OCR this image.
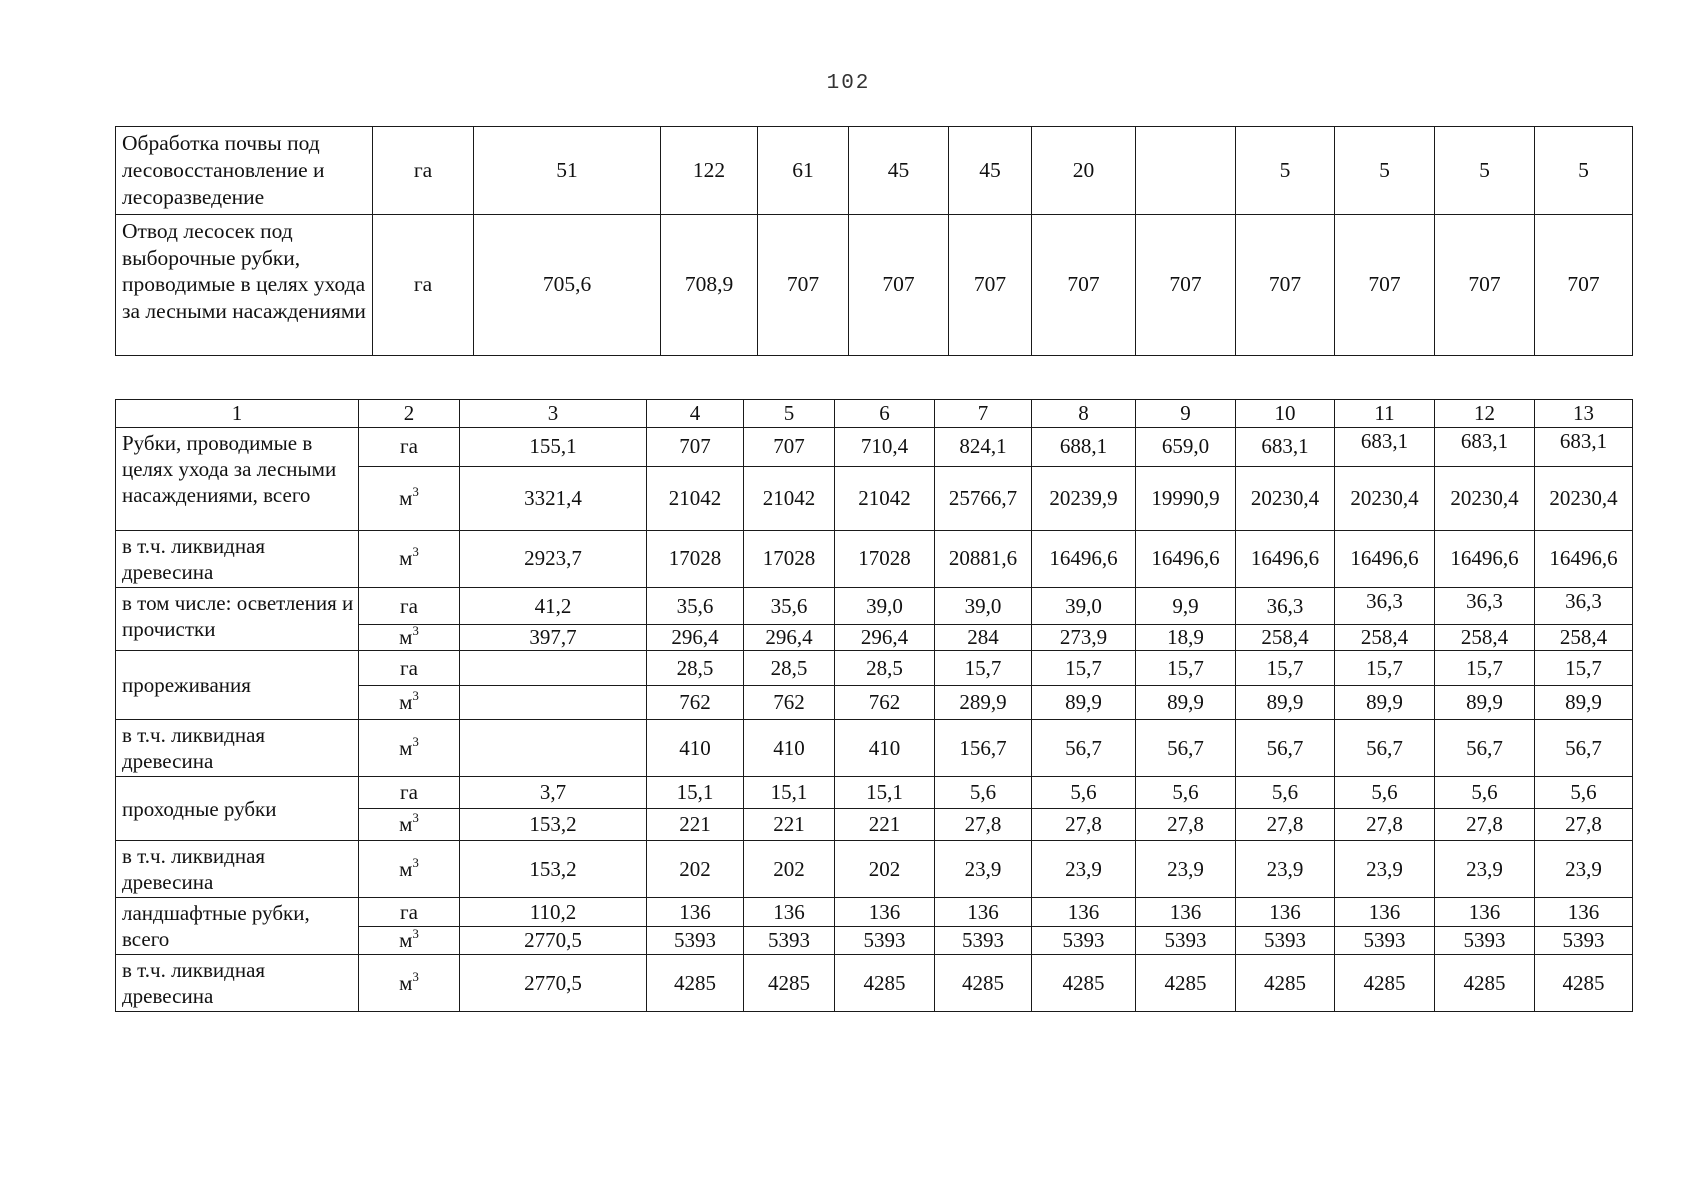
102
Обработка почвы под лесовосстановление и лесоразведение	га	51	122	61	45	45	20		5	5	5	5
Отвод лесосек под выборочные рубки, проводимые в целях ухода за лесными насаждениями	га	705,6	708,9	707	707	707	707	707	707	707	707	707
1	2	3	4	5	6	7	8	9	10	11	12	13
Рубки, проводимые в целях ухода за лесными насаждениями, всего	га	155,1	707	707	710,4	824,1	688,1	659,0	683,1	683,1	683,1	683,1
	$м^3$	3321,4	21042	21042	21042	25766,7	20239,9	19990,9	20230,4	20230,4	20230,4	20230,4
в т.ч. ликвидная древесина	$м^3$	2923,7	17028	17028	17028	20881,6	16496,6	16496,6	16496,6	16496,6	16496,6	16496,6
в том числе: осветления и прочистки	га	41,2	35,6	35,6	39,0	39,0	39,0	9,9	36,3	36,3	36,3	36,3
	$м^3$	397,7	296,4	296,4	296,4	284	273,9	18,9	258,4	258,4	258,4	258,4
прореживания	га		28,5	28,5	28,5	15,7	15,7	15,7	15,7	15,7	15,7	15,7
	$м^3$		762	762	762	289,9	89,9	89,9	89,9	89,9	89,9	89,9
в т.ч. ликвидная древесина	$м^3$		410	410	410	156,7	56,7	56,7	56,7	56,7	56,7	56,7
проходные рубки	га	3,7	15,1	15,1	15,1	5,6	5,6	5,6	5,6	5,6	5,6	5,6
	$м^3$	153,2	221	221	221	27,8	27,8	27,8	27,8	27,8	27,8	27,8
в т.ч. ликвидная древесина	$м^3$	153,2	202	202	202	23,9	23,9	23,9	23,9	23,9	23,9	23,9
ландшафтные рубки, всего	га	110,2	136	136	136	136	136	136	136	136	136	136
	$м^3$	2770,5	5393	5393	5393	5393	5393	5393	5393	5393	5393	5393
в т.ч. ликвидная древесина	$м^3$	2770,5	4285	4285	4285	4285	4285	4285	4285	4285	4285	4285
